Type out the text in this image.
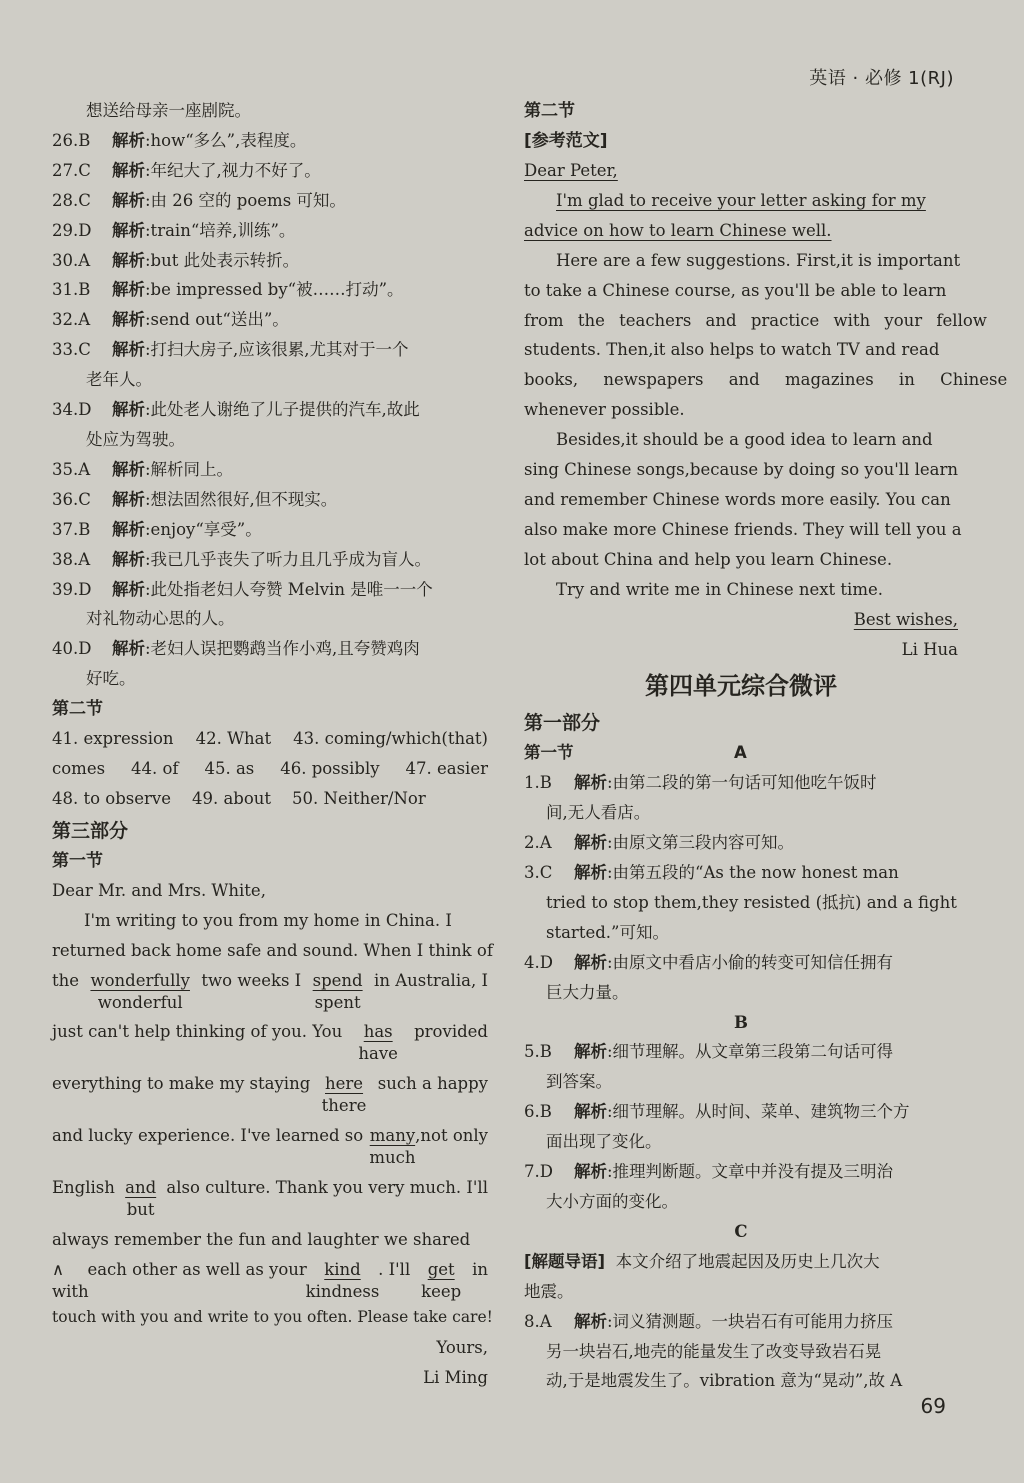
英语 · 必修 1(RJ)
想送给母亲一座剧院。
26.B 解析:how“多么”,表程度。
27.C 解析:年纪大了,视力不好了。
28.C 解析:由 26 空的 poems 可知。
29.D 解析:train“培养,训练”。
30.A 解析:but 此处表示转折。
31.B 解析:be impressed by“被……打动”。
32.A 解析:send out“送出”。
33.C 解析:打扫大房子,应该很累,尤其对于一个
老年人。
34.D 解析:此处老人谢绝了儿子提供的汽车,故此
处应为驾驶。
35.A 解析:解析同上。
36.C 解析:想法固然很好,但不现实。
37.B 解析:enjoy“享受”。
38.A 解析:我已几乎丧失了听力且几乎成为盲人。
39.D 解析:此处指老妇人夸赞 Melvin 是唯一一个
对礼物动心思的人。
40.D 解析:老妇人误把鹦鹉当作小鸡,且夸赞鸡肉
好吃。
第二节
41. expression 42. What 43. coming/which(that)
comes 44. of 45. as 46. possibly 47. easier
48. to observe 49. about 50. Neither/Nor
第三部分
第一节
Dear Mr. and Mrs. White,
I'm writing to you from my home in China. I
returned back home safe and sound. When I think of
the wonderfully
wonderful
two weeks I spend
spent
in Australia, I
just can't help thinking of you. You has
have
provided
everything to make my staying here
there
such a happy
and lucky experience. I've learned so many
much
,not only
English and
but
also culture. Thank you very much. I'll
always remember the fun and laughter we shared
∧
with
each other as well as your kind
kindness
. I'll get
keep
in
touch with you and write to you often. Please take care!
Yours,
Li Ming
第二节
[参考范文]
Dear Peter,
I'm glad to receive your letter asking for my
advice on how to learn Chinese well.
Here are a few suggestions. First,it is important
to take a Chinese course, as you'll be able to learn
from the teachers and practice with your fellow
students. Then,it also helps to watch TV and read
books, newspapers and magazines in Chinese
whenever possible.
Besides,it should be a good idea to learn and
sing Chinese songs,because by doing so you'll learn
and remember Chinese words more easily. You can
also make more Chinese friends. They will tell you a
lot about China and help you learn Chinese.
Try and write me in Chinese next time.
Best wishes,
Li Hua
第四单元综合微评
第一部分
第一节	A
1.B 解析:由第二段的第一句话可知他吃午饭时
间,无人看店。
2.A 解析:由原文第三段内容可知。
3.C 解析:由第五段的“As the now honest man
tried to stop them,they resisted (抵抗) and a fight
started.”可知。
4.D 解析:由原文中看店小偷的转变可知信任拥有
巨大力量。
B
5.B 解析:细节理解。从文章第三段第二句话可得
到答案。
6.B 解析:细节理解。从时间、菜单、建筑物三个方
面出现了变化。
7.D 解析:推理判断题。文章中并没有提及三明治
大小方面的变化。
C
[解题导语] 本文介绍了地震起因及历史上几次大
地震。
8.A 解析:词义猜测题。一块岩石有可能用力挤压
另一块岩石,地壳的能量发生了改变导致岩石晃
动,于是地震发生了。vibration 意为“晃动”,故 A
69
